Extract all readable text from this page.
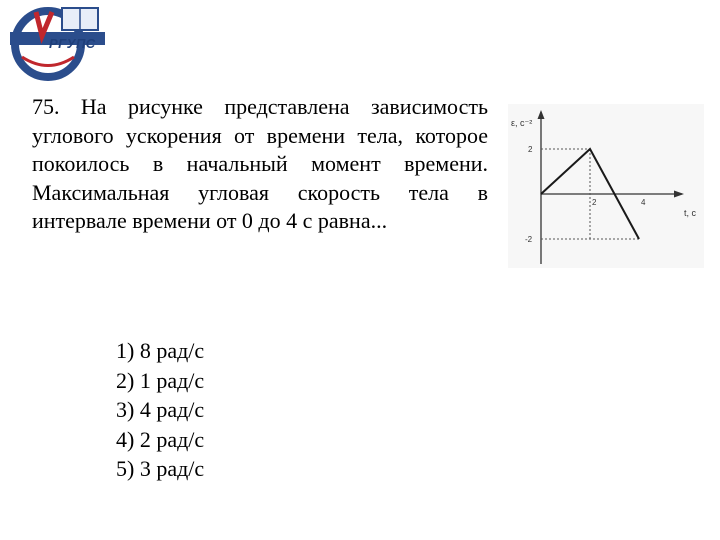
РГУПС
75. На рисунке представлена зависимость углового ускорения от времени тела, которое покоилось в начальный момент времени. Максимальная угловая скорость тела в интервале времени от 0 до 4 с равна...
1) 8 рад/с
2) 1 рад/с
3) 4 рад/с
4) 2 рад/с
5) 3 рад/с
ε, с⁻²
t, с
2	4
2
-2
